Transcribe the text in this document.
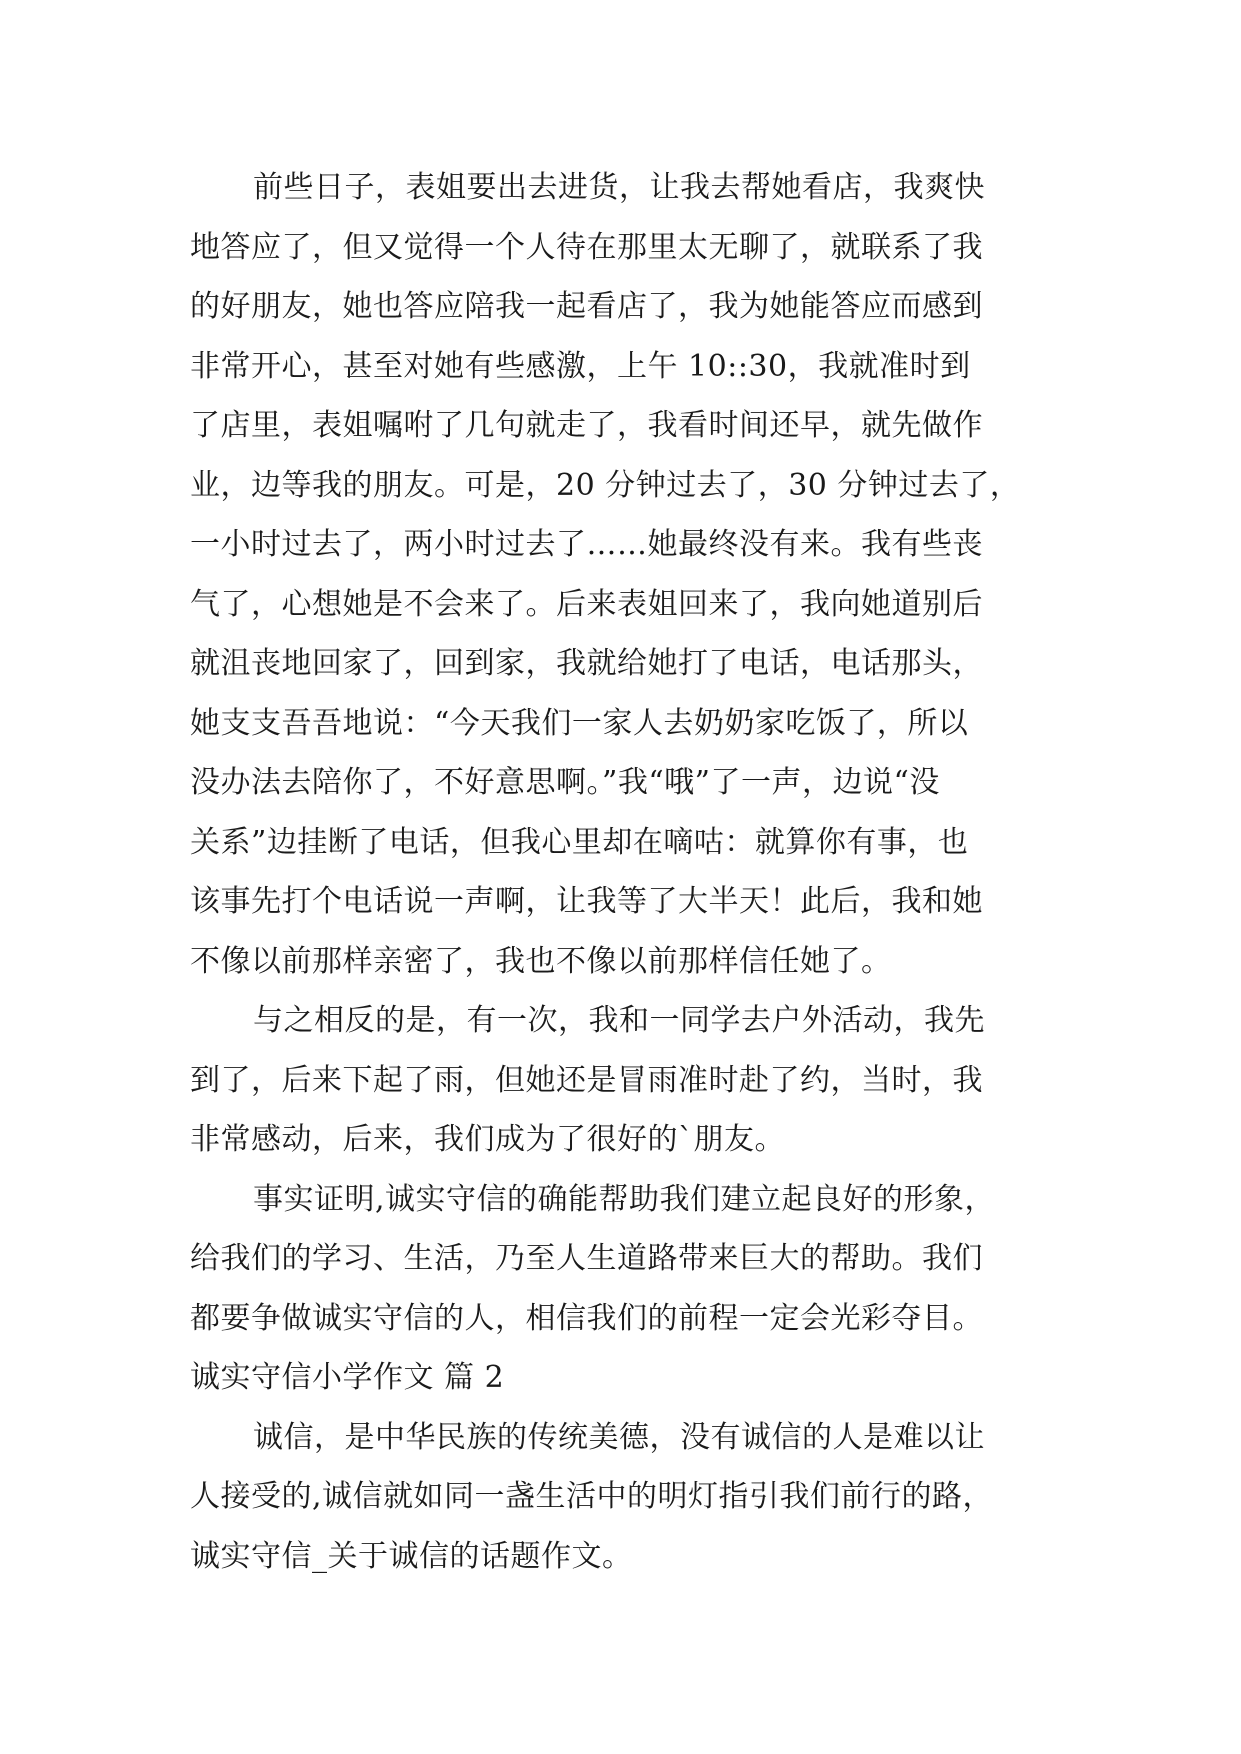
前些日子，表姐要出去进货，让我去帮她看店，我爽快
地答应了，但又觉得一个人待在那里太无聊了，就联系了我
的好朋友，她也答应陪我一起看店了，我为她能答应而感到
非常开心，甚至对她有些感激，上午 10::30，我就准时到
了店里，表姐嘱咐了几句就走了，我看时间还早，就先做作
业，边等我的朋友。可是，20 分钟过去了，30 分钟过去了，
一小时过去了，两小时过去了……她最终没有来。我有些丧
气了，心想她是不会来了。后来表姐回来了，我向她道别后
就沮丧地回家了，回到家，我就给她打了电话，电话那头，
她支支吾吾地说：“今天我们一家人去奶奶家吃饭了，所以
没办法去陪你了，不好意思啊。”我“哦”了一声，边说“没
关系”边挂断了电话，但我心里却在嘀咕：就算你有事，也
该事先打个电话说一声啊，让我等了大半天！此后，我和她
不像以前那样亲密了，我也不像以前那样信任她了。
与之相反的是，有一次，我和一同学去户外活动，我先
到了，后来下起了雨，但她还是冒雨准时赴了约，当时，我
非常感动，后来，我们成为了很好的`朋友。
事实证明,诚实守信的确能帮助我们建立起良好的形象，
给我们的学习、生活，乃至人生道路带来巨大的帮助。我们
都要争做诚实守信的人，相信我们的前程一定会光彩夺目。
诚实守信小学作文 篇 2
诚信，是中华民族的传统美德，没有诚信的人是难以让
人接受的,诚信就如同一盏生活中的明灯指引我们前行的路，
诚实守信_关于诚信的话题作文。
